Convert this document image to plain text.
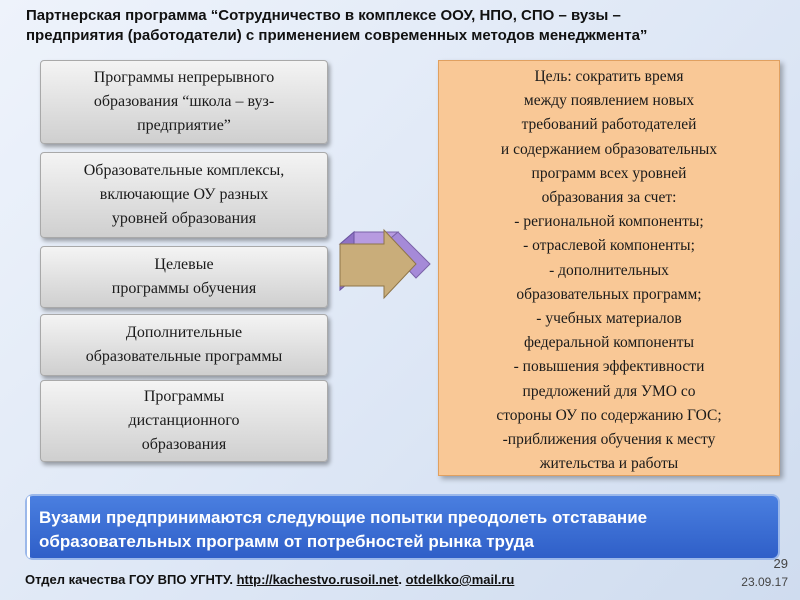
Партнерская программа “Сотрудничество в комплексе ООУ, НПО, СПО – вузы –
предприятия (работодатели) с применением современных методов менеджмента”
Программы непрерывного
образования “школа – вуз-
предприятие”
Образовательные комплексы,
включающие ОУ разных
уровней образования
Целевые
программы обучения
Дополнительные
образовательные программы
Программы
дистанционного
образования
Цель: сократить время
между появлением новых
требований работодателей
и содержанием образовательных
программ всех уровней
образования за счет:
- региональной компоненты;
- отраслевой компоненты;
- дополнительных
образовательных программ;
- учебных материалов
федеральной компоненты
- повышения эффективности
предложений для УМО со
стороны ОУ по содержанию ГОС;
-приближения обучения к месту
жительства и работы
Вузами предпринимаются следующие попытки преодолеть отставание
образовательных программ от потребностей рынка труда
Отдел качества ГОУ ВПО УГНТУ. http://kachestvo.rusoil.net. otdelkko@mail.ru
29
23.09.17
